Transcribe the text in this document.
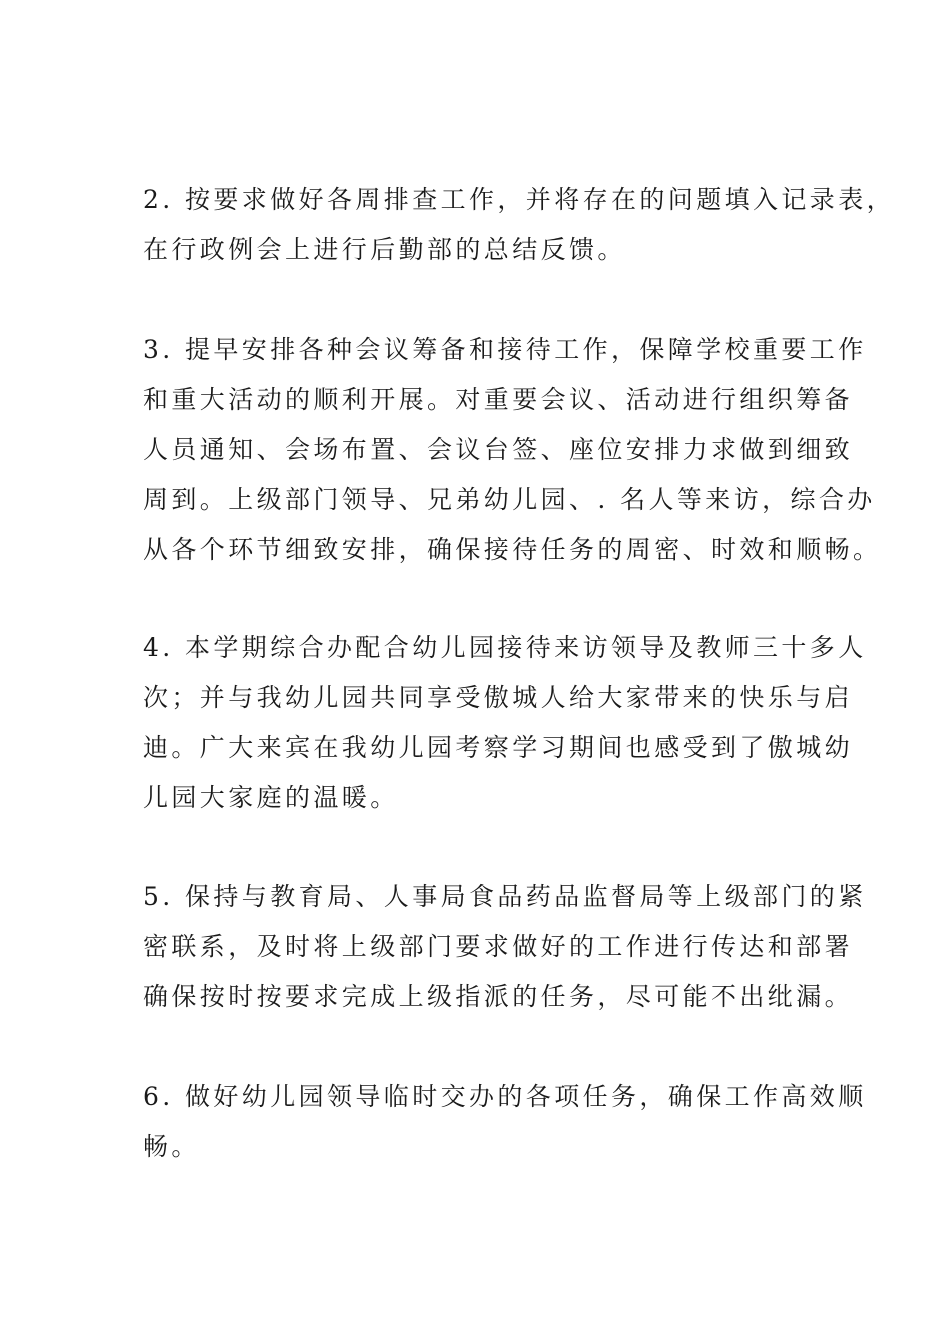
2. 按要求做好各周排查工作，并将存在的问题填入记录表，
在行政例会上进行后勤部的总结反馈。
3. 提早安排各种会议筹备和接待工作，保障学校重要工作
和重大活动的顺利开展。对重要会议、活动进行组织筹备
人员通知、会场布置、会议台签、座位安排力求做到细致
周到。上级部门领导、兄弟幼儿园、. 名人等来访，综合办
从各个环节细致安排，确保接待任务的周密、时效和顺畅。
4. 本学期综合办配合幼儿园接待来访领导及教师三十多人
次；并与我幼儿园共同享受傲城人给大家带来的快乐与启
迪。广大来宾在我幼儿园考察学习期间也感受到了傲城幼
儿园大家庭的温暖。
5. 保持与教育局、人事局食品药品监督局等上级部门的紧
密联系，及时将上级部门要求做好的工作进行传达和部署
确保按时按要求完成上级指派的任务，尽可能不出纰漏。
6. 做好幼儿园领导临时交办的各项任务，确保工作高效顺
畅。
